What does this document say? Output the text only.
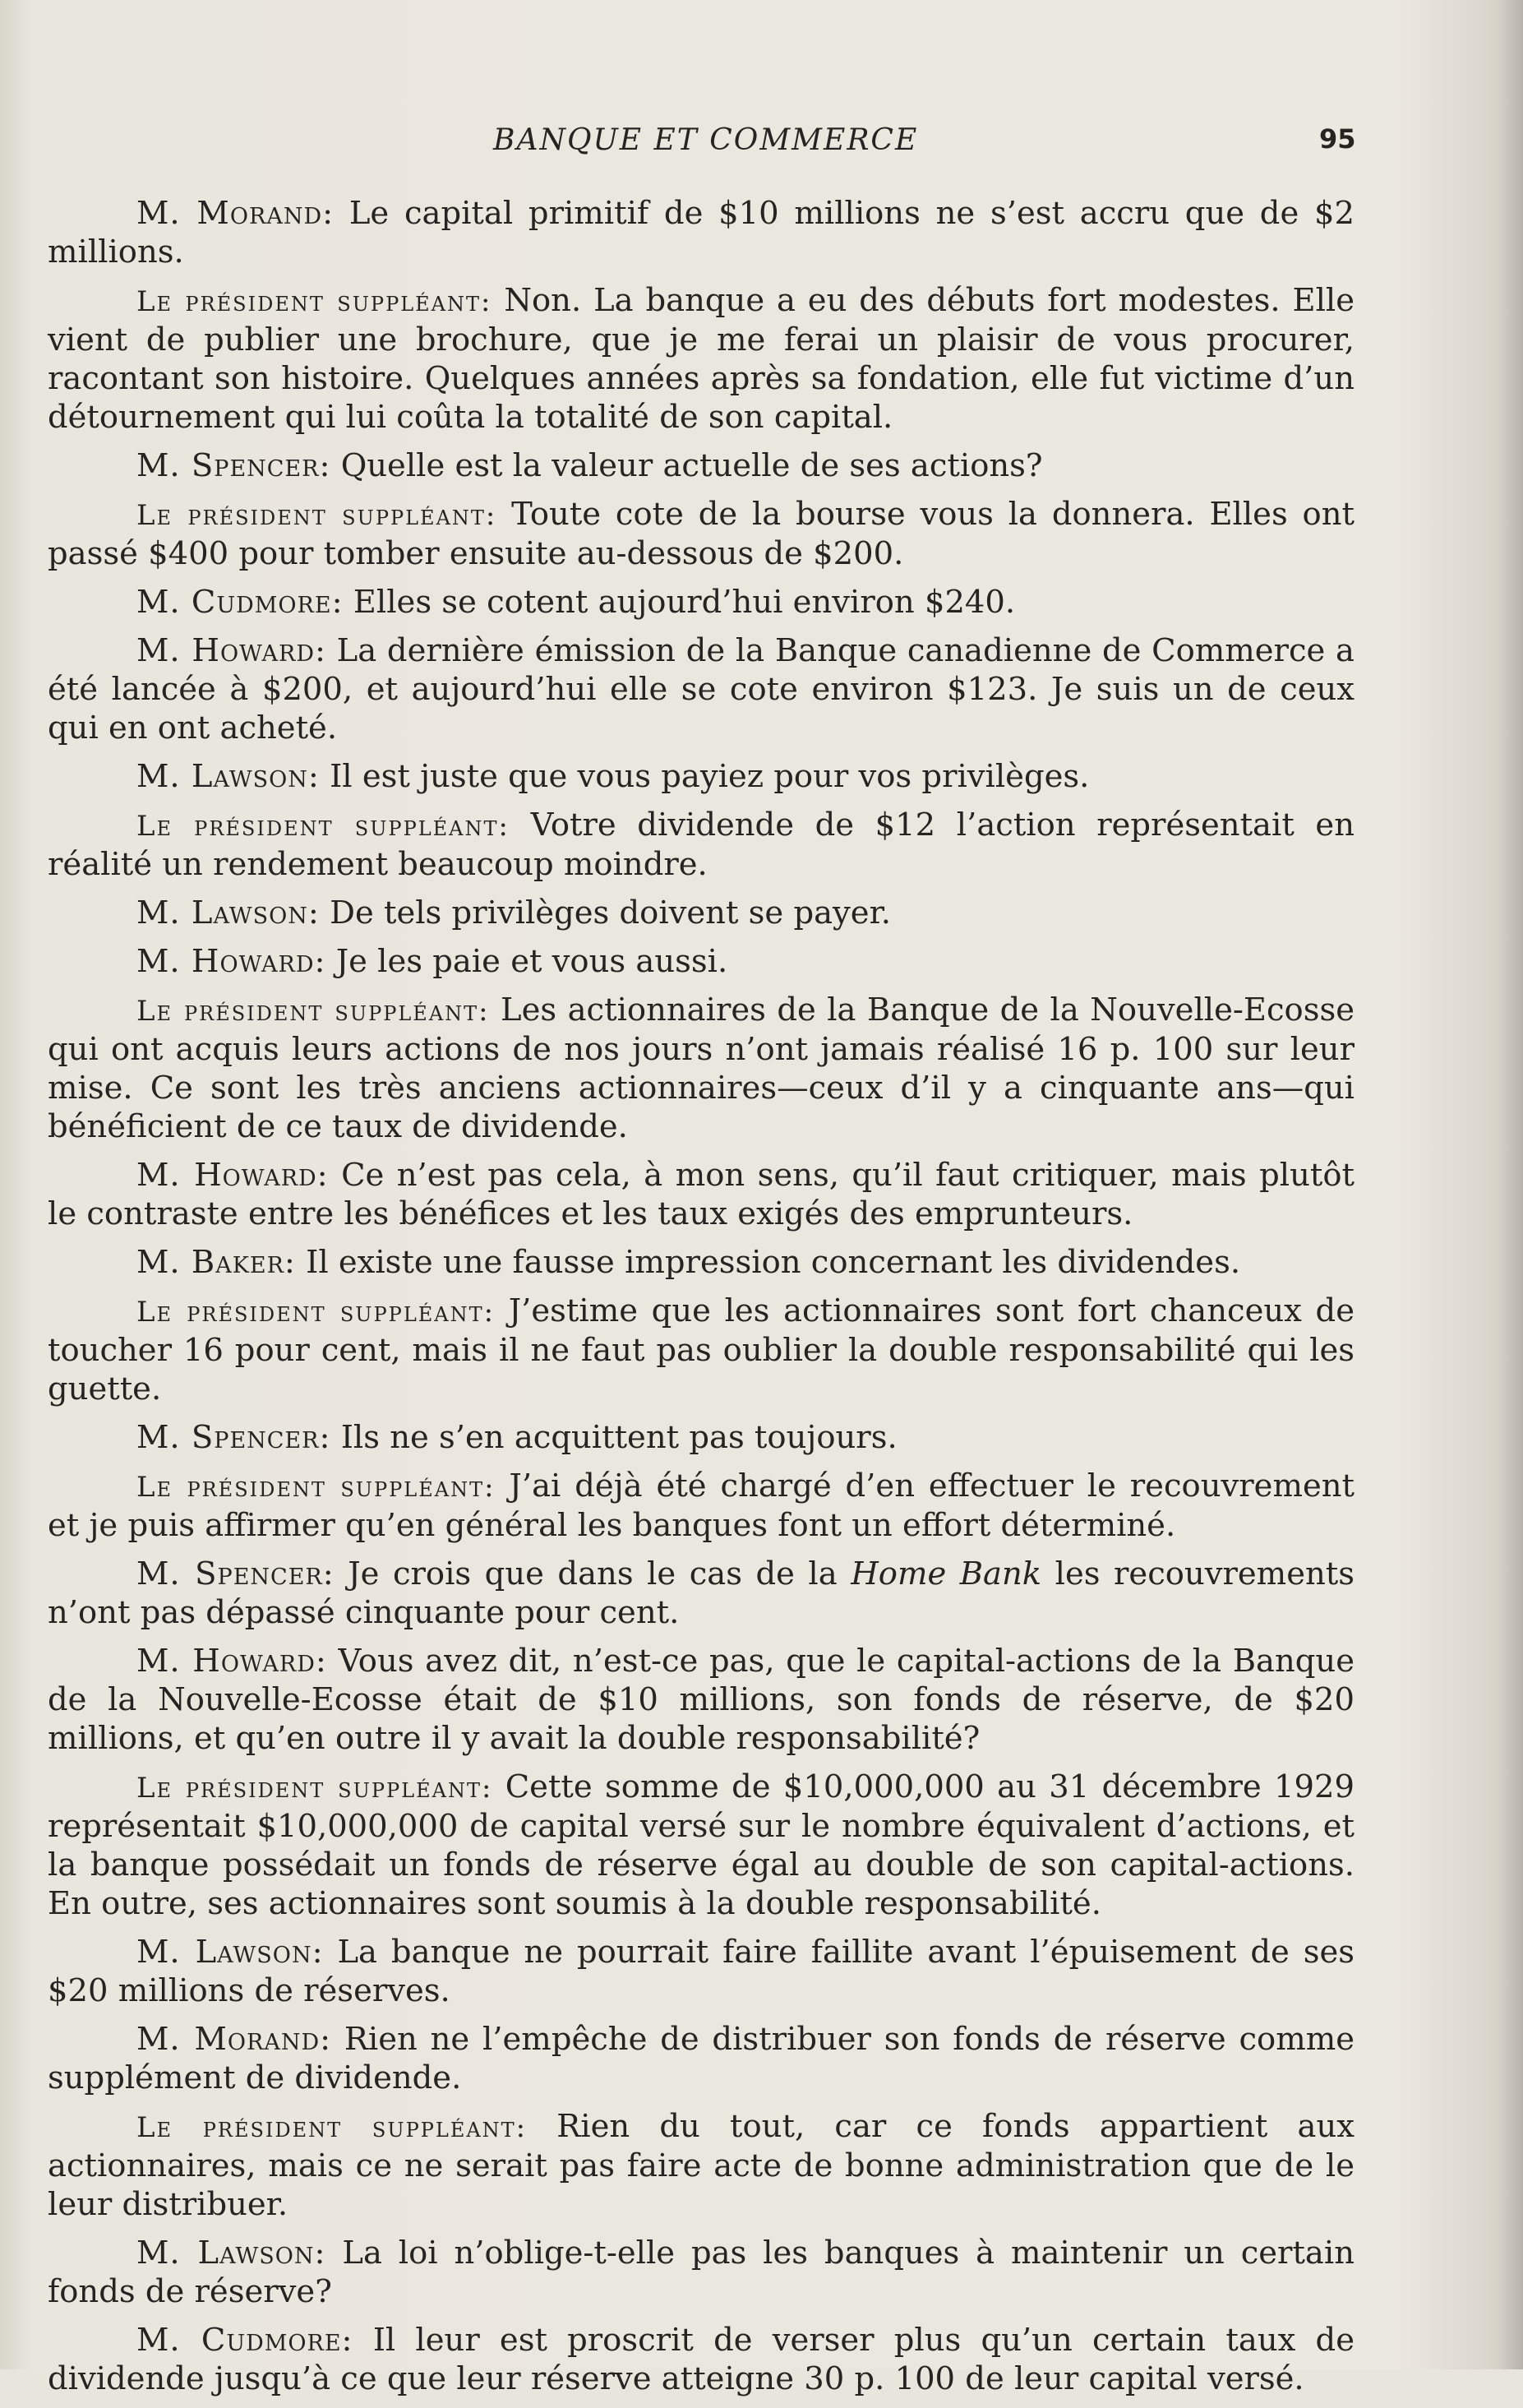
BANQUE ET COMMERCE	95

M. Morand: Le capital primitif de $10 millions ne s’est accru que de $2 millions.

Le président suppléant: Non. La banque a eu des débuts fort modestes. Elle vient de publier une brochure, que je me ferai un plaisir de vous procurer, racontant son histoire. Quelques années après sa fondation, elle fut victime d’un détournement qui lui coûta la totalité de son capital.

M. Spencer: Quelle est la valeur actuelle de ses actions?

Le président suppléant: Toute cote de la bourse vous la donnera. Elles ont passé $400 pour tomber ensuite au-dessous de $200.

M. Cudmore: Elles se cotent aujourd’hui environ $240.

M. Howard: La dernière émission de la Banque canadienne de Commerce a été lancée à $200, et aujourd’hui elle se cote environ $123. Je suis un de ceux qui en ont acheté.

M. Lawson: Il est juste que vous payiez pour vos privilèges.

Le président suppléant: Votre dividende de $12 l’action représentait en réalité un rendement beaucoup moindre.

M. Lawson: De tels privilèges doivent se payer.

M. Howard: Je les paie et vous aussi.

Le président suppléant: Les actionnaires de la Banque de la Nouvelle-Ecosse qui ont acquis leurs actions de nos jours n’ont jamais réalisé 16 p. 100 sur leur mise. Ce sont les très anciens actionnaires—ceux d’il y a cinquante ans—qui bénéficient de ce taux de dividende.

M. Howard: Ce n’est pas cela, à mon sens, qu’il faut critiquer, mais plutôt le contraste entre les bénéfices et les taux exigés des emprunteurs.

M. Baker: Il existe une fausse impression concernant les dividendes.

Le président suppléant: J’estime que les actionnaires sont fort chanceux de toucher 16 pour cent, mais il ne faut pas oublier la double responsabilité qui les guette.

M. Spencer: Ils ne s’en acquittent pas toujours.

Le président suppléant: J’ai déjà été chargé d’en effectuer le recouvrement et je puis affirmer qu’en général les banques font un effort déterminé.

M. Spencer: Je crois que dans le cas de la Home Bank les recouvrements n’ont pas dépassé cinquante pour cent.

M. Howard: Vous avez dit, n’est-ce pas, que le capital-actions de la Banque de la Nouvelle-Ecosse était de $10 millions, son fonds de réserve, de $20 millions, et qu’en outre il y avait la double responsabilité?

Le président suppléant: Cette somme de $10,000,000 au 31 décembre 1929 représentait $10,000,000 de capital versé sur le nombre équivalent d’actions, et la banque possédait un fonds de réserve égal au double de son capital-actions. En outre, ses actionnaires sont soumis à la double responsabilité.

M. Lawson: La banque ne pourrait faire faillite avant l’épuisement de ses $20 millions de réserves.

M. Morand: Rien ne l’empêche de distribuer son fonds de réserve comme supplément de dividende.

Le président suppléant: Rien du tout, car ce fonds appartient aux actionnaires, mais ce ne serait pas faire acte de bonne administration que de le leur distribuer.

M. Lawson: La loi n’oblige-t-elle pas les banques à maintenir un certain fonds de réserve?

M. Cudmore: Il leur est proscrit de verser plus qu’un certain taux de dividende jusqu’à ce que leur réserve atteigne 30 p. 100 de leur capital versé.
